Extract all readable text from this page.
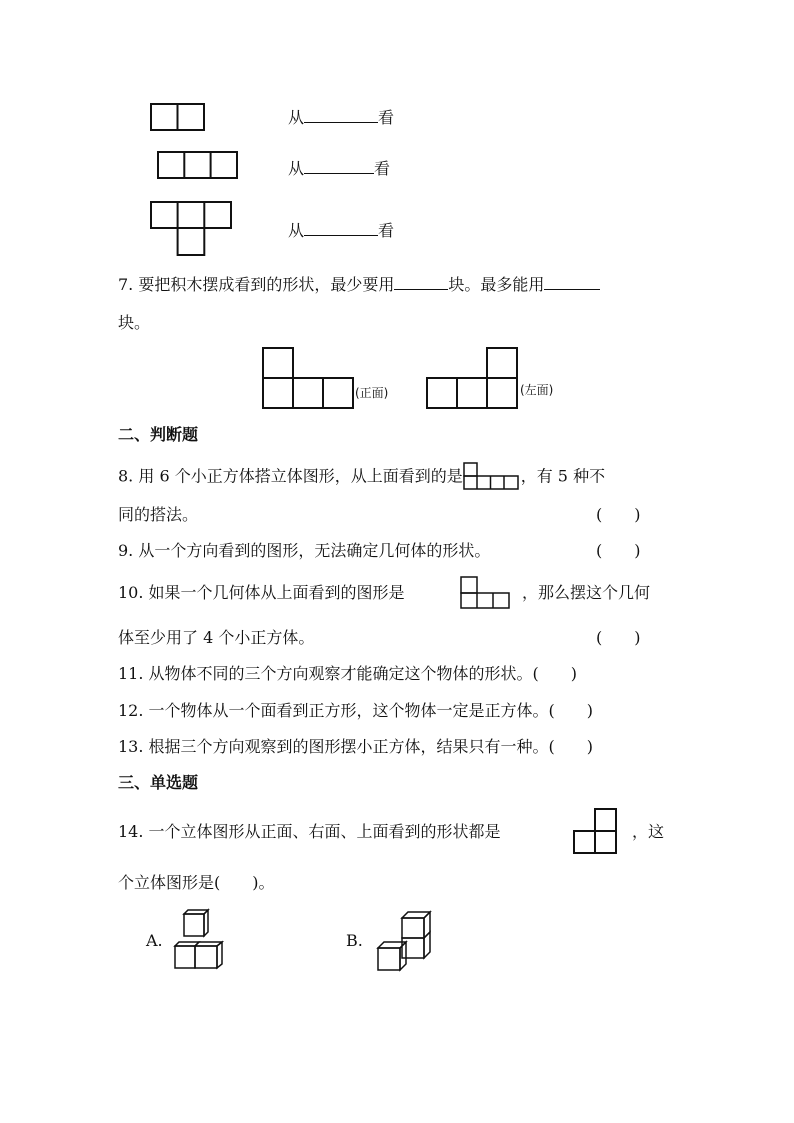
从	看
从	看
从	看
7. 要把积木摆成看到的形状，最少要用	块。最多能用
块。
(正面)	(左面)
二、判断题
8. 用 6 个小正方体搭立体图形，从上面看到的是	，有 5 种不
同的搭法。	(　　)
9. 从一个方向看到的图形，无法确定几何体的形状。	(　　)
10. 如果一个几何体从上面看到的图形是	，那么摆这个几何
体至少用了 4 个小正方体。	(　　)
11. 从物体不同的三个方向观察才能确定这个物体的形状。(　　)
12. 一个物体从一个面看到正方形，这个物体一定是正方体。(　　)
13. 根据三个方向观察到的图形摆小正方体，结果只有一种。(　　)
三、单选题
14. 一个立体图形从正面、右面、上面看到的形状都是	，这
个立体图形是(　　)。
A.	B.
